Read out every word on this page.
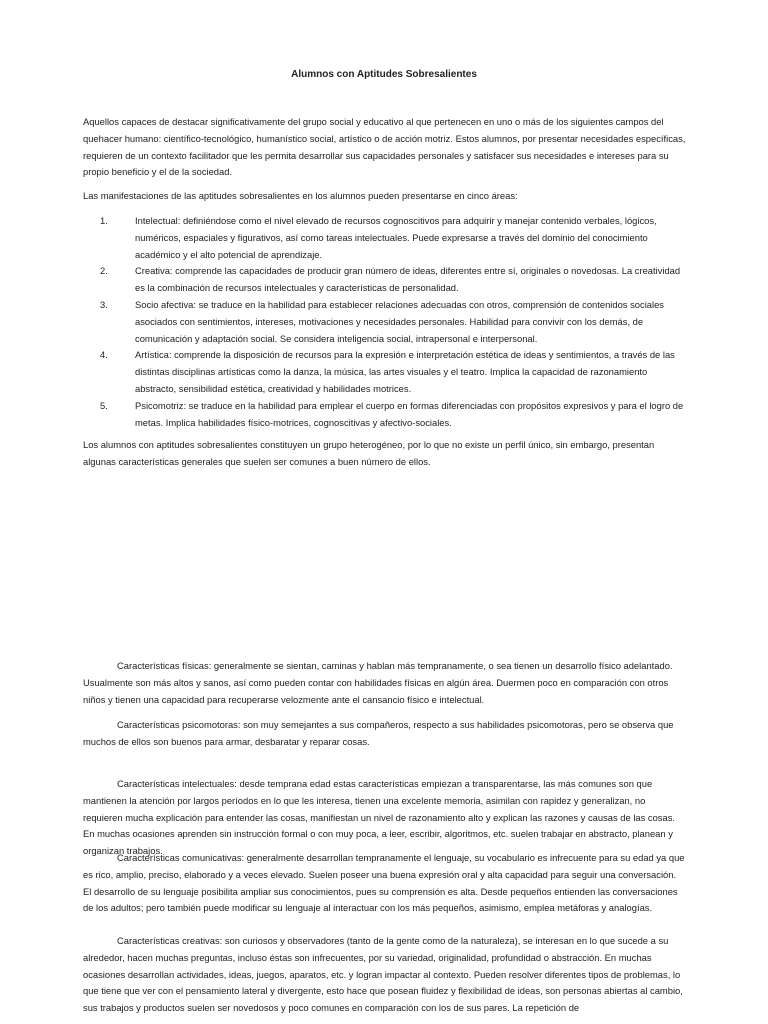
Alumnos con Aptitudes Sobresalientes

Aquellos capaces de destacar significativamente del grupo social y educativo al que pertenecen en uno o más de los siguientes campos del quehacer humano: científico-tecnológico, humanístico social, artístico o de acción motriz. Estos alumnos, por presentar necesidades específicas, requieren de un contexto facilitador que les permita desarrollar sus capacidades personales y satisfacer sus necesidades e intereses para su propio beneficio y el de la sociedad.

Las manifestaciones de las aptitudes sobresalientes en los alumnos pueden presentarse en cinco áreas:

1.	Intelectual: definiéndose como el nivel elevado de recursos cognoscitivos para adquirir y manejar contenido verbales, lógicos, numéricos, espaciales y figurativos, así como tareas intelectuales. Puede expresarse a través del dominio del conocimiento académico y el alto potencial de aprendizaje.
2.	Creativa: comprende las capacidades de producir gran número de ideas, diferentes entre sí, originales o novedosas. La creatividad es la combinación de recursos intelectuales y características de personalidad.
3.	Socio afectiva: se traduce en la habilidad para establecer relaciones adecuadas con otros, comprensión de contenidos sociales asociados con sentimientos, intereses, motivaciones y necesidades personales. Habilidad para convivir con los demás, de comunicación y adaptación social. Se considera inteligencia social, intrapersonal e interpersonal.
4.	Artística: comprende la disposición de recursos para la expresión e interpretación estética de ideas y sentimientos, a través de las distintas disciplinas artísticas como la danza, la música, las artes visuales y el teatro. Implica la capacidad de razonamiento abstracto, sensibilidad estética, creatividad y habilidades motrices.
5.	Psicomotriz: se traduce en la habilidad para emplear el cuerpo en formas diferenciadas con propósitos expresivos y para el logro de metas. Implica habilidades físico-motrices, cognoscitivas y afectivo-sociales.

Los alumnos con aptitudes sobresalientes constituyen un grupo heterogéneo, por lo que no existe un perfil único, sin embargo, presentan algunas características generales que suelen ser comunes a buen número de ellos.

Características físicas: generalmente se sientan, caminas y hablan más tempranamente, o sea tienen un desarrollo físico adelantado. Usualmente son más altos y sanos, así como pueden contar con habilidades físicas en algún área. Duermen poco en comparación con otros niños y tienen una capacidad para recuperarse velozmente ante el cansancio físico e intelectual.

Características psicomotoras: son muy semejantes a sus compañeros, respecto a sus habilidades psicomotoras, pero se observa que muchos de ellos son buenos para armar, desbaratar y reparar cosas.

Características intelectuales: desde temprana edad estas características empiezan a transparentarse, las más comunes son que mantienen la atención por largos períodos en lo que les interesa, tienen una excelente memoria, asimilan con rapidez y generalizan, no requieren mucha explicación para entender las cosas, manifiestan un nivel de razonamiento alto y explican las razones y causas de las cosas. En muchas ocasiones aprenden sin instrucción formal o con muy poca, a leer, escribir, algoritmos, etc. suelen trabajar en abstracto, planean y organizan trabajos.

Características comunicativas: generalmente desarrollan tempranamente el lenguaje, su vocabulario es infrecuente para su edad ya que es rico, amplio, preciso, elaborado y a veces elevado. Suelen poseer una buena expresión oral y alta capacidad para seguir una conversación. El desarrollo de su lenguaje posibilita ampliar sus conocimientos, pues su comprensión es alta. Desde pequeños entienden las conversaciones de los adultos; pero también puede modificar su lenguaje al interactuar con los más pequeños, asimismo, emplea metáforas y analogías.

Características creativas: son curiosos y observadores (tanto de la gente como de la naturaleza), se interesan en lo que sucede a su alrededor, hacen muchas preguntas, incluso éstas son infrecuentes, por su variedad, originalidad, profundidad o abstracción. En muchas ocasiones desarrollan actividades, ideas, juegos, aparatos, etc. y logran impactar al contexto. Pueden resolver diferentes tipos de problemas, lo que tiene que ver con el pensamiento lateral y divergente, esto hace que posean fluidez y flexibilidad de ideas, son personas abiertas al cambio, sus trabajos y productos suelen ser novedosos y poco comunes en comparación con los de sus pares. La repetición de
